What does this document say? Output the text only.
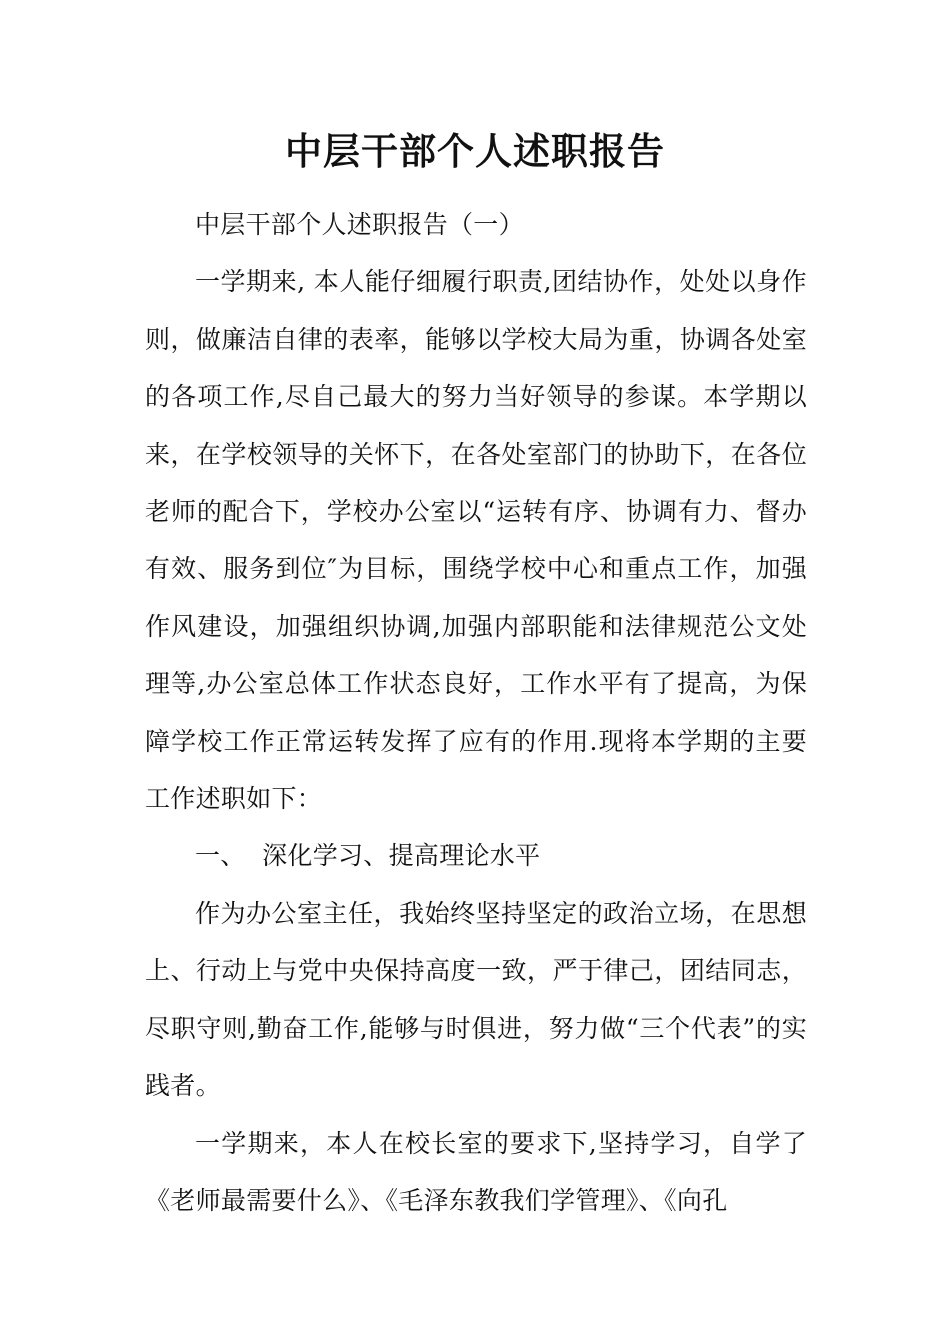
中层干部个人述职报告

中层干部个人述职报告（一）

一学期来, 本人能仔细履行职责,团结协作，处处以身作则，做廉洁自律的表率，能够以学校大局为重，协调各处室的各项工作,尽自己最大的努力当好领导的参谋。本学期以来，在学校领导的关怀下，在各处室部门的协助下，在各位老师的配合下，学校办公室以“运转有序、协调有力、督办有效、服务到位″为目标，围绕学校中心和重点工作，加强作风建设，加强组织协调,加强内部职能和法律规范公文处理等,办公室总体工作状态良好，工作水平有了提高，为保障学校工作正常运转发挥了应有的作用.现将本学期的主要工作述职如下：

一、  深化学习、提高理论水平

作为办公室主任，我始终坚持坚定的政治立场，在思想上、行动上与党中央保持高度一致，严于律己，团结同志，尽职守则,勤奋工作,能够与时俱进，努力做“三个代表”的实践者。

一学期来，本人在校长室的要求下,坚持学习，自学了《老师最需要什么》、《毛泽东教我们学管理》、《向孔
